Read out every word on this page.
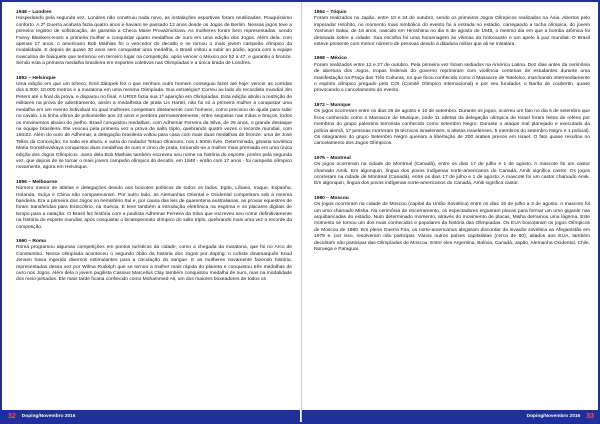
1948 – Londres

Hospedando pela segunda vez, Londres não construiu nada novo, as instalações esportivas foram reutilizadas. Pouquíssimo conforto. A 2ª Guerra acabara fazia quatro anos e haviam se passado 12 anos desde os Jogos de Berlim. Nessas jogos teve a primeira registro de sofisticação, de garantia a Checa Marie Provaznickova. As mulheres foram bem representadas, sendo Fanny Blankers-Koen a primeira mulher a conquistar quatro medalhas de ouro em uma edição dos Jogos. Além dela, com apenas 17 anos, o americano Bob Mathias foi o vencedor do decatlo e se tornou o mais jovem campeão olímpico da modalidade. E depois de quase 30 anos sem conquistar uma medalha, o Brasil voltou a subir ao pódio, agora com a equipe masculina de basquete que terminou em terceiro lugar na competição, após vencer o México por 52 a 47, e garantiu o bronze. Sendo esta a primeira medalha brasileira em esportes coletivos nas Olimpíadas e a única tirada de Londres.

1952 – Helsinque

Uma edição em que um tcheco, Emil Zátopek fez o que nenhum outro homem conseguiu fazer até hoje: vencer as corridas dos 5.000, 10.000 metros e a maratona em uma mesma Olimpíada. Sua estratégia? Correu ao lado do recordista mundial Jim Peters até o final da prova, e disparou no final. A URSS fazia sua 1ª aparição em Olimpíadas. Esta edição aboliu a restrição de militares na prova de adestramento, assim a medalhista de prata Lis Hartel, não foi só a primeira mulher a conquistar uma medalha em um evento individual no qual mulheres competiam diretamente com homens, como precisou de ajuda para subir no cavalo. Lis tinha vítima de poliomielite aos 23 anos e perdera permanentemente, entre seqüelas nas mãos e braços, todos os movimentos abaixo do joelho. Brasil conquistou medalhas, com Adhemar Ferreira da Silva, de 25 anos, o grande destaque na equipe brasileira. Ele venceu pela primeira vez a prova de salto triplo, quebrando quatro vezes o recorde mundial, com 16m22. Além do ouro de Adhemar, a delegação brasileira voltou para casa com mais duas medalhas de bronze: uma de José Telles da Conceição, no salto em altura, e outra do nadador Tetsuo Okamoto, nos 1.500m livre. Determinada, ginasta soviética Maria Gorokhovskaya conquistou duas medalhas de ouro e cinco de prata, tornando-se a mulher mais premiada em uma única edição dos Jogos Olímpicos. Junto dela Bob Mathias também escreveu seu nome na história do esporte, porém pela segunda vez, que depois de se tornar o mais jovem campeão olímpico do decatlo, em 1948 - então com 17 anos - foi campeão olímpico novamente, agora em Helsinque.

1956 – Melbourne

Número menor de atletas e delegações devido aos boicotes políticos de todos os lados. Egito, Líbano, Iraque, Espanha, Holanda, Suíça e China não compareceram. Por outro lado, as Alemanhas Oriental e Ocidental competiram sob a mesma bandeira. Era a primeira dos Jogos no hemisfério Sul e, por causa das leis de quarentena australianas, as provas equestres de foram transferidas para Estocolmo, na Suécia. E teve também a introdução eletrônica na esgrima e os placares digitais de tempo para a natação. O Brasil fez história com a paulista Adhemar Ferreira da Silva que escreveu seu nome definitivamente na história do esporte mundial, após conquistar o bicampeonato olímpico do salto triplo, quebrando mais uma vez o recorde da competição.

1960 – Roma

Roma programou algumas competições em pontos turísticos da cidade, como a chegada da maratona, que foi no Arco de Constantino. Nessa olimpíada aconteceu o segundo óbito da história dos Jogos por doping: o ciclista dinamarquês Knud Jensen havia ingerido diversos estimulantes para a circulação do sangue. E as mulheres novamente fazendo história, representadas dessa vez por Wilma Rudolph que se tornou a mulher mais rápida do planeta e conquistou três medalhas de ouro nos Jogos. Além dela o jovem pugilista Cassius Marcellus Clay também conquistou medalha de ouro, mas na modalidade dos meio-pesados. Ele mais tarde ficaria conhecido como Mohammed Ali, um dos maiores boxeadores de todos os

32	Doping/Novembro 2016

1964 – Tóquio

Foram realizados no Japão, entre 10 e 24 de outubro, sendo os primeiros Jogos Olímpicos realizados na Ásia. Abertos pelo imperador Hirohito, no momento mais simbólico do evento foi a entrada no estádio, carregando a tocha olímpica, do jovem Yoshinori Sakai, de 19 anos, nascido em Hiroshima no dia 6 de agosto de 1945, o mesmo dia em que a bomba atômica foi detonada sobre a cidade. Sua escolha foi uma homenagem às vítimas do holocausto e um apelo à paz mundial. O Brasil esteve presente com menor número de pessoas devido à ditadura militar que ali se instalara.

1968 – México

Foram realizados entre 12 e 27 de outubro. Pela primeira vez foram sediados na América Latina. Dez dias antes da cerimônia de abertura dos Jogos, tropas federais do governo reprimiram com violência centenas de estudantes durante uma manifestação na Praça das Três Culturas, no que ficou conhecido como o Massacre de Tatelolco, marchando intermediamente o espírito olímpico pregado pelo COI (Comitê Olímpico Internacional) e por seu fundador, o Barão de coubertin, quase provocando o cancelamento do evento.

1972 – Munique

Os jogos ocorreram entre os dias 26 de agosto e 10 de setembro. Durante os jogos, ocorreu um fato no dia 5 de setembro que ficou conhecido como o Massacre de Munique, onde 11 atletas da delegação olímpica de Israel foram feitos de reféns por membros do grupo palestino terrorista conhecido como setembro Negro. Durante o ataque mal planejado e executado da polícia alemã, 17 pessoas morreram (6 técnicos israelenses, 5 atletas israelenses, 5 membros do setembro Negro e 1 policial). Os integrantes do grupo Setembro Negro queriam a libertação de 200 árabes presos em Israel. O fato quase resultou no cancelamento dos Jogos Olímpicos.

1976 – Montreal

Os jogos ocorreram na cidade de Montreal (Canadá), entre os dias 17 de julho e 1 de agosto. A mascote foi um castor chamado Amik. Em algonquin, língua dos povos indígenas norte-americanos do Canadá, Amik significa castor. Os jogos ocorreram na cidade de Montreal (Canadá), entre os dias 17 de julho e 1 de agosto. A mascote foi um castor chamado Amik. Em algonquin, língua dos povos indígenas norte-americanos do Canadá, Amik significa castor.

1980 – Moscou

Os jogos ocorreram na cidade de Moscou (capital da União Soviética) entre os dias 19 de julho a 3 de agosto. A mascote foi um urso chamado Misha. Na cerimônia de encerramento, os espectadores ergueram placas para formar um urso gigante nas arquibancadas do estádio. Num determinado momento, através do movimento de placas, Misha derramou uma lágrima. Este momento se tornou um dos mais conhecidos e populares da história das Olimpíadas. Os EUA boicotaram os jogos Olímpicos de Moscou de 1980. Em plena Guerra Fria, os norte-americanos alegaram discordar da invasão soviética ao Afeganistão em 1979 e, por isso, resolveram não participar. Vários outros países capitalistas (cerca de 60), aliados aos EUA, também decidiram não participar das Olimpíadas de Moscou. Entre eles Argentina, Bolívia, Canadá, Japão, Alemanha Ocidental, Chile, Noruega e Paraguai.

Doping/Novembro 2016 33
